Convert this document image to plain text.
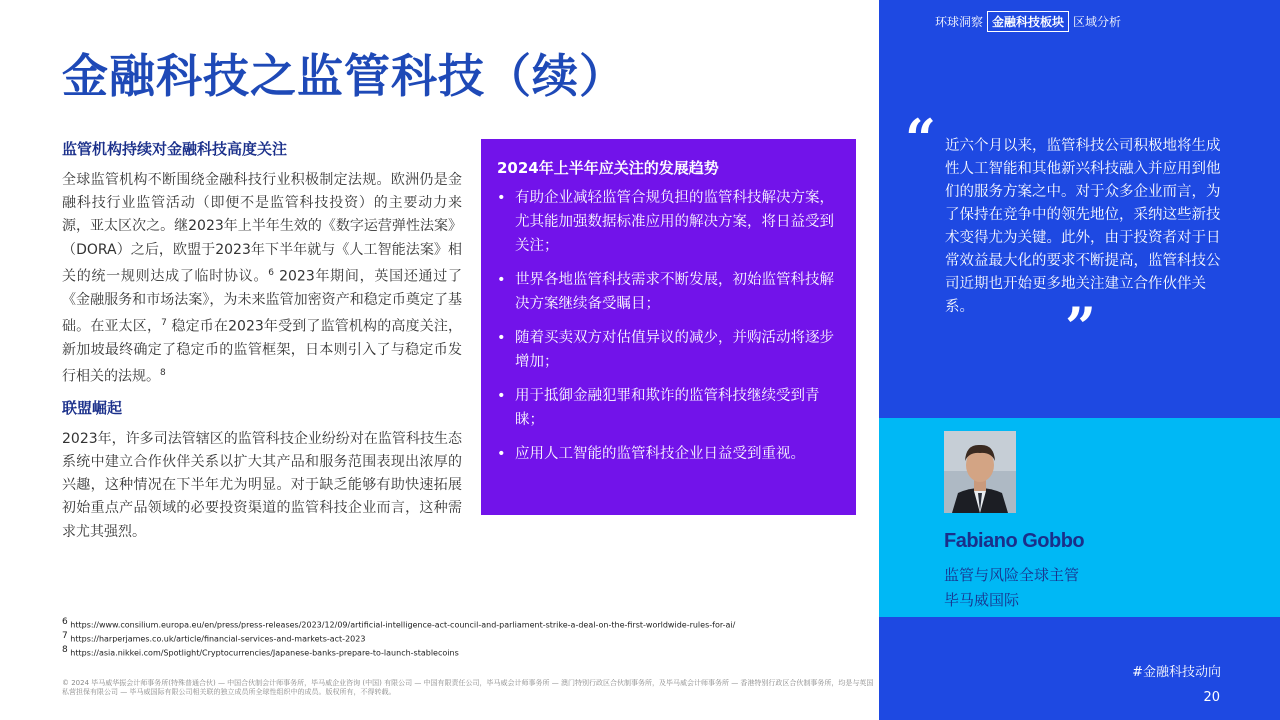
金融科技之监管科技（续）
监管机构持续对金融科技高度关注

全球监管机构不断围绕金融科技行业积极制定法规。欧洲仍是金融科技行业监管活动（即便不是监管科技投资）的主要动力来源，亚太区次之。继2023年上半年生效的《数字运营弹性法案》（DORA）之后，欧盟于2023年下半年就与《人工智能法案》相关的统一规则达成了临时协议。$^6$ 2023年期间，英国还通过了《金融服务和市场法案》，为未来监管加密资产和稳定币奠定了基础。在亚太区，$^7$ 稳定币在2023年受到了监管机构的高度关注，新加坡最终确定了稳定币的监管框架，日本则引入了与稳定币发行相关的法规。$^8$

联盟崛起

2023年，许多司法管辖区的监管科技企业纷纷对在监管科技生态系统中建立合作伙伴关系以扩大其产品和服务范围表现出浓厚的兴趣，这种情况在下半年尤为明显。对于缺乏能够有助快速拓展初始重点产品领域的必要投资渠道的监管科技企业而言，这种需求尤其强烈。

2024年上半年应关注的发展趋势
• 有助企业减轻监管合规负担的监管科技解决方案，尤其能加强数据标准应用的解决方案，将日益受到关注；
• 世界各地监管科技需求不断发展，初始监管科技解决方案继续备受瞩目；
• 随着买卖双方对估值异议的减少，并购活动将逐步增加；
• 用于抵御金融犯罪和欺诈的监管科技继续受到青睐；
• 应用人工智能的监管科技企业日益受到重视。
环球洞察 金融科技板块 区域分析
“ 近六个月以来，监管科技公司积极地将生成性人工智能和其他新兴科技融入并应用到他们的服务方案之中。对于众多企业而言，为了保持在竞争中的领先地位，采纳这些新技术变得尤为关键。此外，由于投资者对于日常效益最大化的要求不断提高，监管科技公司近期也开始更多地关注建立合作伙伴关系。	”
Fabiano Gobbo
监管与风险全球主管
毕马威国际
#金融科技动向
20
6 https://www.consilium.europa.eu/en/press/press-releases/2023/12/09/artificial-intelligence-act-council-and-parliament-strike-a-deal-on-the-first-worldwide-rules-for-ai/
7 https://harperjames.co.uk/article/financial-services-and-markets-act-2023
8 https://asia.nikkei.com/Spotlight/Cryptocurrencies/Japanese-banks-prepare-to-launch-stablecoins
© 2024 毕马威华振会计师事务所(特殊普通合伙) — 中国合伙制会计师事务所，毕马威企业咨询 (中国) 有限公司 — 中国有限责任公司，毕马威会计师事务所 — 澳门特别行政区合伙制事务所，及毕马威会计师事务所 — 香港特别行政区合伙制事务所，均是与英国私营担保有限公司 — 毕马威国际有限公司相关联的独立成员所全球性组织中的成员。版权所有，不得转载。
